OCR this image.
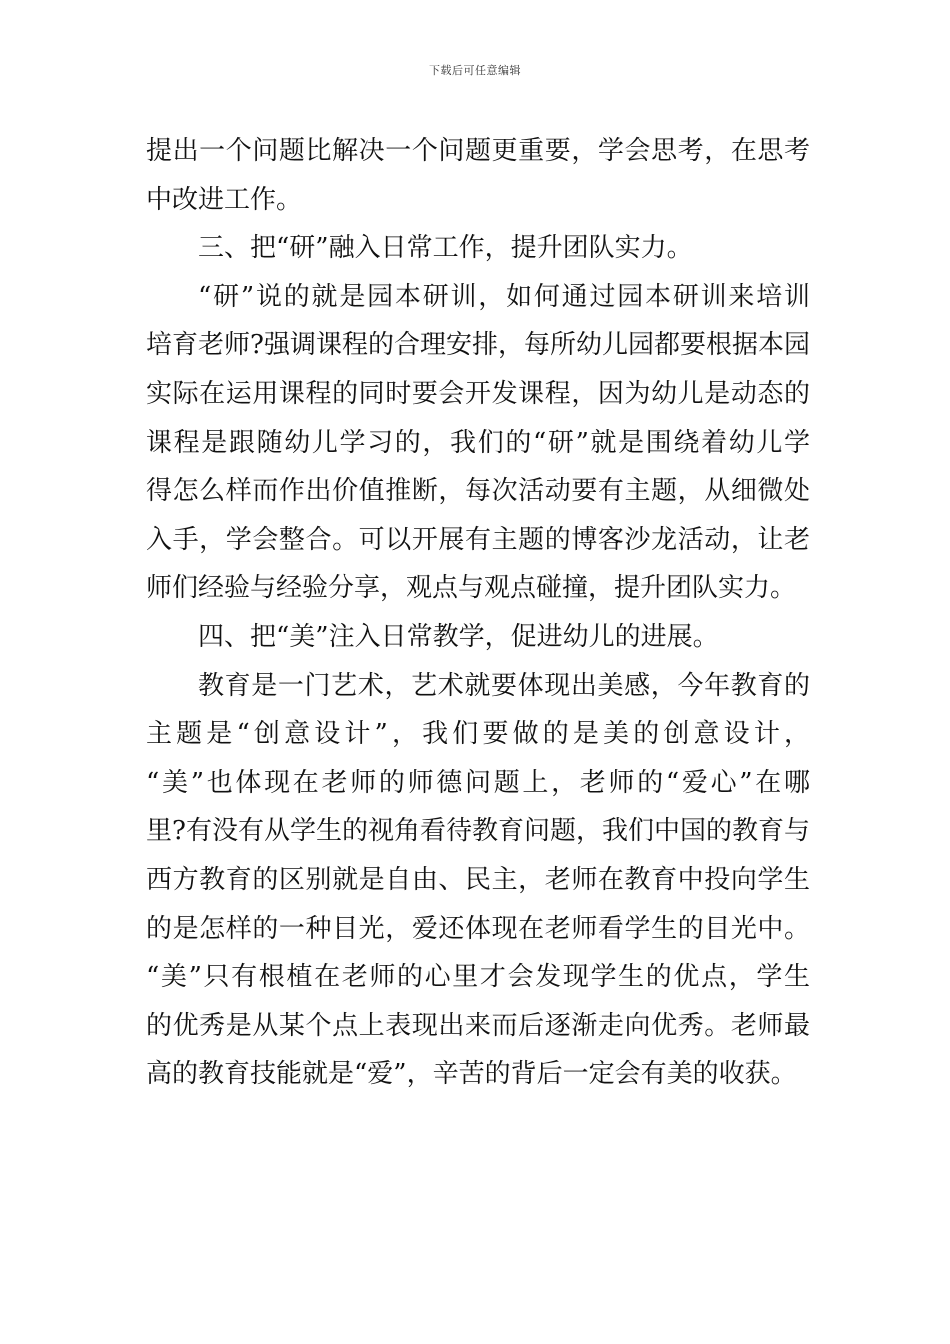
下载后可任意编辑
提出一个问题比解决一个问题更重要，学会思考，在思考
中改进工作。
三、把“研”融入日常工作，提升团队实力。
“研”说的就是园本研训，如何通过园本研训来培训
培育老师?强调课程的合理安排，每所幼儿园都要根据本园
实际在运用课程的同时要会开发课程，因为幼儿是动态的
课程是跟随幼儿学习的，我们的“研”就是围绕着幼儿学
得怎么样而作出价值推断，每次活动要有主题，从细微处
入手，学会整合。可以开展有主题的博客沙龙活动，让老
师们经验与经验分享，观点与观点碰撞，提升团队实力。
四、把“美”注入日常教学，促进幼儿的进展。
教育是一门艺术，艺术就要体现出美感，今年教育的
主题是“创意设计”，我们要做的是美的创意设计，
“美”也体现在老师的师德问题上，老师的“爱心”在哪
里?有没有从学生的视角看待教育问题，我们中国的教育与
西方教育的区别就是自由、民主，老师在教育中投向学生
的是怎样的一种目光，爱还体现在老师看学生的目光中。
“美”只有根植在老师的心里才会发现学生的优点，学生
的优秀是从某个点上表现出来而后逐渐走向优秀。老师最
高的教育技能就是“爱”，辛苦的背后一定会有美的收获。
